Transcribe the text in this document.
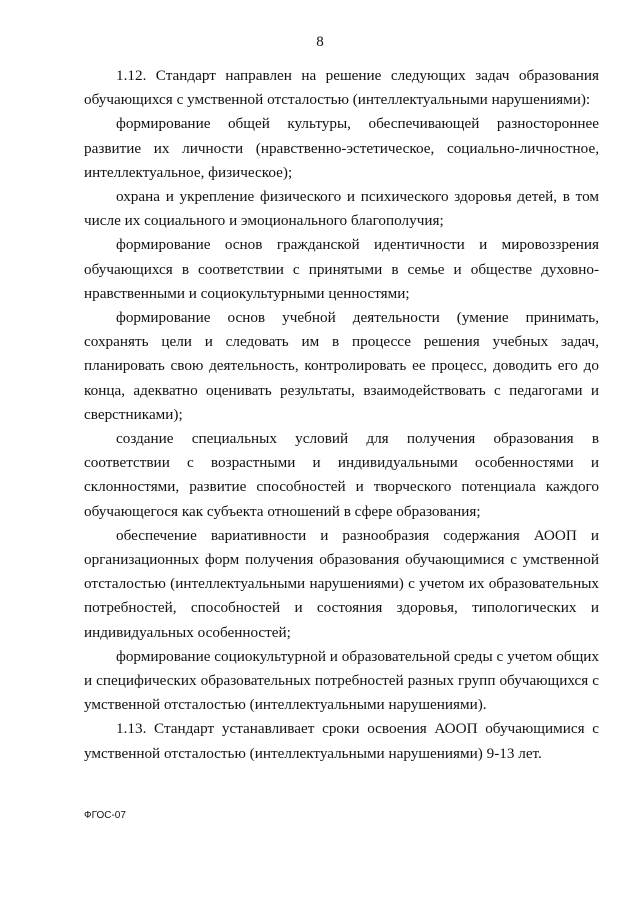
8

1.12. Стандарт направлен на решение следующих задач образования обучающихся с умственной отсталостью (интеллектуальными нарушениями):

формирование общей культуры, обеспечивающей разностороннее развитие их личности (нравственно-эстетическое, социально-личностное, интеллектуальное, физическое);

охрана и укрепление физического и психического здоровья детей, в том числе их социального и эмоционального благополучия;

формирование основ гражданской идентичности и мировоззрения обучающихся в соответствии с принятыми в семье и обществе духовно-нравственными и социокультурными ценностями;

формирование основ учебной деятельности (умение принимать, сохранять цели и следовать им в процессе решения учебных задач, планировать свою деятельность, контролировать ее процесс, доводить его до конца, адекватно оценивать результаты, взаимодействовать с педагогами и сверстниками);

создание специальных условий для получения образования в соответствии с возрастными и индивидуальными особенностями и склонностями, развитие способностей и творческого потенциала каждого обучающегося как субъекта отношений в сфере образования;

обеспечение вариативности и разнообразия содержания АООП и организационных форм получения образования обучающимися с умственной отсталостью (интеллектуальными нарушениями) с учетом их образовательных потребностей, способностей и состояния здоровья, типологических и индивидуальных особенностей;

формирование социокультурной и образовательной среды с учетом общих и специфических образовательных потребностей разных групп обучающихся с умственной отсталостью (интеллектуальными нарушениями).

1.13. Стандарт устанавливает сроки освоения АООП обучающимися с умственной отсталостью (интеллектуальными нарушениями) 9-13 лет.

ФГОС-07
